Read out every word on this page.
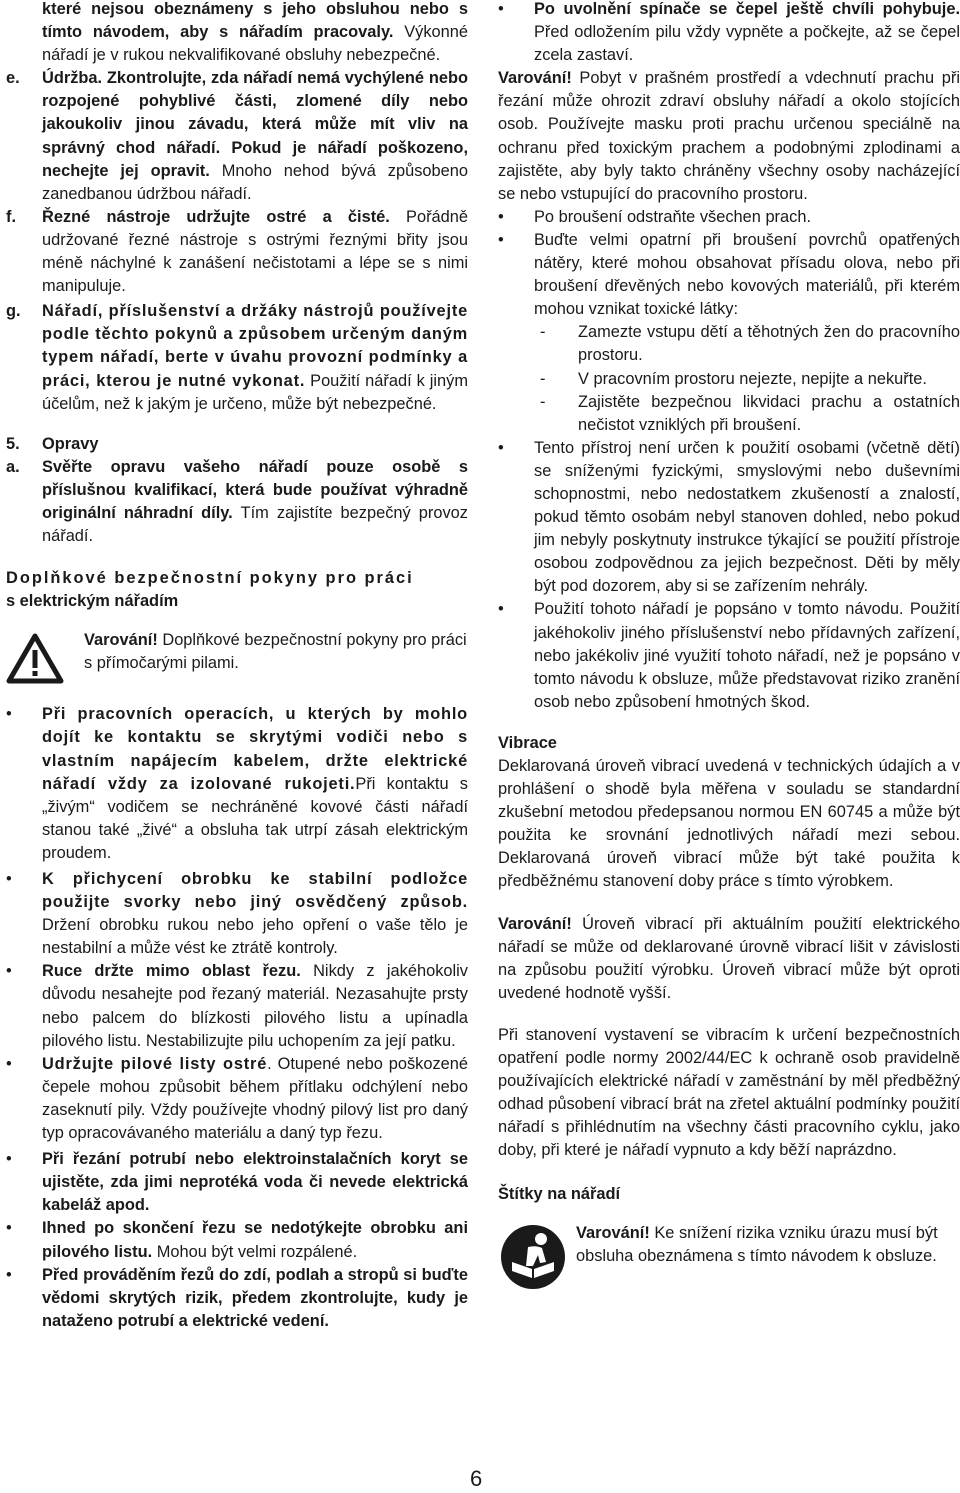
které nejsou obeznámeny s jeho obsluhou nebo s tímto návodem, aby s nářadím pracovaly. Výkonné nářadí je v rukou nekvalifikované obsluhy nebezpečné.

e. Údržba. Zkontrolujte, zda nářadí nemá vychýlené nebo rozpojené pohyblivé části, zlomené díly nebo jakoukoliv jinou závadu, která může mít vliv na správný chod nářadí. Pokud je nářadí poškozeno, nechejte jej opravit. Mnoho nehod bývá způsobeno zanedbanou údržbou nářadí.

f. Řezné nástroje udržujte ostré a čisté. Pořádně udržované řezné nástroje s ostrými řeznými břity jsou méně náchylné k zanášení nečistotami a lépe se s nimi manipuluje.

g. Nářadí, příslušenství a držáky nástrojů používejte podle těchto pokynů a způsobem určeným daným typem nářadí, berte v úvahu provozní podmínky a práci, kterou je nutné vykonat. Použití nářadí k jiným účelům, než k jakým je určeno, může být nebezpečné.

5. Opravy

a. Svěřte opravu vašeho nářadí pouze osobě s příslušnou kvalifikací, která bude používat výhradně originální náhradní díly. Tím zajistíte bezpečný provoz nářadí.

Doplňkové bezpečnostní pokyny pro práci
s elektrickým nářadím

Varování! Doplňkové bezpečnostní pokyny pro práci s přímočarými pilami.

• Při pracovních operacích, u kterých by mohlo dojít ke kontaktu se skrytými vodiči nebo s vlastním napájecím kabelem, držte elektrické nářadí vždy za izolované rukojeti.Při kontaktu s „živým“ vodičem se nechráněné kovové části nářadí stanou také „živé“ a obsluha tak utrpí zásah elektrickým proudem.

• K přichycení obrobku ke stabilní podložce použijte svorky nebo jiný osvědčený způsob. Držení obrobku rukou nebo jeho opření o vaše tělo je nestabilní a může vést ke ztrátě kontroly.

• Ruce držte mimo oblast řezu. Nikdy z jakéhokoliv důvodu nesahejte pod řezaný materiál. Nezasahujte prsty nebo palcem do blízkosti pilového listu a upínadla pilového listu. Nestabilizujte pilu uchopením za její patku.

• Udržujte pilové listy ostré. Otupené nebo poškozené čepele mohou způsobit během přítlaku odchýlení nebo zaseknutí pily. Vždy používejte vhodný pilový list pro daný typ opracovávaného materiálu a daný typ řezu.

• Při řezání potrubí nebo elektroinstalačních koryt se ujistěte, zda jimi neprotéká voda či nevede elektrická kabeláž apod.

• Ihned po skončení řezu se nedotýkejte obrobku ani pilového listu. Mohou být velmi rozpálené.

• Před prováděním řezů do zdí, podlah a stropů si buďte vědomi skrytých rizik, předem zkontrolujte, kudy je nataženo potrubí a elektrické vedení.

• Po uvolnění spínače se čepel ještě chvíli pohybuje. Před odložením pilu vždy vypněte a počkejte, až se čepel zcela zastaví.

Varování! Pobyt v prašném prostředí a vdechnutí prachu při řezání může ohrozit zdraví obsluhy nářadí a okolo stojících osob. Používejte masku proti prachu určenou speciálně na ochranu před toxickým prachem a podobnými zplodinami a zajistěte, aby byly takto chráněny všechny osoby nacházející se nebo vstupující do pracovního prostoru.

• Po broušení odstraňte všechen prach.

• Buďte velmi opatrní při broušení povrchů opatřených nátěry, které mohou obsahovat přísadu olova, nebo při broušení dřevěných nebo kovových materiálů, při kterém mohou vznikat toxické látky:

- Zamezte vstupu dětí a těhotných žen do pracovního prostoru.

- V pracovním prostoru nejezte, nepijte a nekuřte.

- Zajistěte bezpečnou likvidaci prachu a ostatních nečistot vzniklých při broušení.

• Tento přístroj není určen k použití osobami (včetně dětí) se sníženými fyzickými, smyslovými nebo duševními schopnostmi, nebo nedostatkem zkušeností a znalostí, pokud těmto osobám nebyl stanoven dohled, nebo pokud jim nebyly poskytnuty instrukce týkající se použití přístroje osobou zodpovědnou za jejich bezpečnost. Děti by měly být pod dozorem, aby si se zařízením nehrály.

• Použití tohoto nářadí je popsáno v tomto návodu. Použití jakéhokoliv jiného příslušenství nebo přídavných zařízení, nebo jakékoliv jiné využití tohoto nářadí, než je popsáno v tomto návodu k obsluze, může představovat riziko zranění osob nebo způsobení hmotných škod.

Vibrace

Deklarovaná úroveň vibrací uvedená v technických údajích a v prohlášení o shodě byla měřena v souladu se standardní zkušební metodou předepsanou normou EN 60745 a může být použita ke srovnání jednotlivých nářadí mezi sebou. Deklarovaná úroveň vibrací může být také použita k předběžnému stanovení doby práce s tímto výrobkem.

Varování! Úroveň vibrací při aktuálním použití elektrického nářadí se může od deklarované úrovně vibrací lišit v závislosti na způsobu použití výrobku. Úroveň vibrací může být oproti uvedené hodnotě vyšší.

Při stanovení vystavení se vibracím k určení bezpečnostních opatření podle normy 2002/44/EC k ochraně osob pravidelně používajících elektrické nářadí v zaměstnání by měl předběžný odhad působení vibrací brát na zřetel aktuální podmínky použití nářadí s přihlédnutím na všechny části pracovního cyklu, jako doby, při které je nářadí vypnuto a kdy běží naprázdno.

Štítky na nářadí

Varování! Ke snížení rizika vzniku úrazu musí být obsluha obeznámena s tímto návodem k obsluze.
6
